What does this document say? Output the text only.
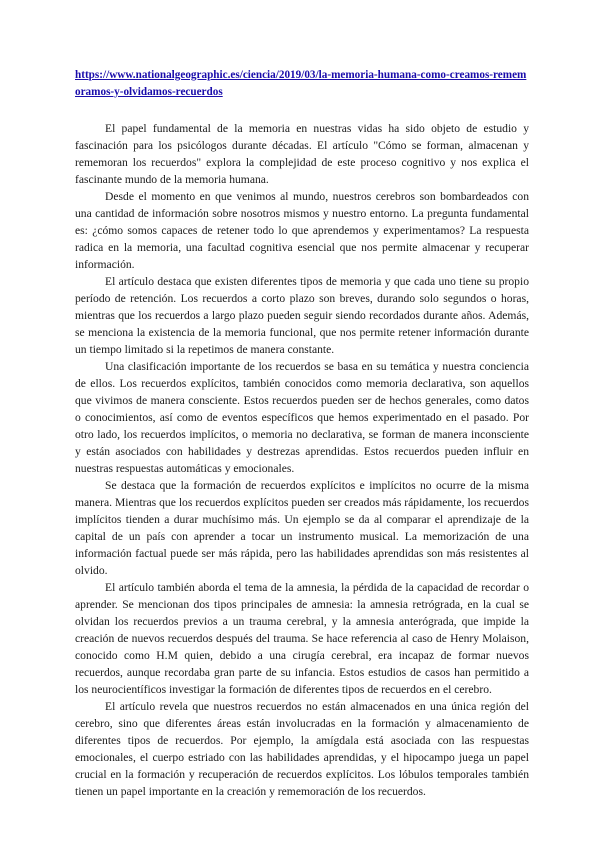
https://www.nationalgeographic.es/ciencia/2019/03/la-memoria-humana-como-creamos-rememoramos-y-olvidamos-recuerdos

El papel fundamental de la memoria en nuestras vidas ha sido objeto de estudio y fascinación para los psicólogos durante décadas. El artículo "Cómo se forman, almacenan y rememoran los recuerdos" explora la complejidad de este proceso cognitivo y nos explica el fascinante mundo de la memoria humana.

Desde el momento en que venimos al mundo, nuestros cerebros son bombardeados con una cantidad de información sobre nosotros mismos y nuestro entorno. La pregunta fundamental es: ¿cómo somos capaces de retener todo lo que aprendemos y experimentamos? La respuesta radica en la memoria, una facultad cognitiva esencial que nos permite almacenar y recuperar información.

El artículo destaca que existen diferentes tipos de memoria y que cada uno tiene su propio período de retención. Los recuerdos a corto plazo son breves, durando solo segundos o horas, mientras que los recuerdos a largo plazo pueden seguir siendo recordados durante años. Además, se menciona la existencia de la memoria funcional, que nos permite retener información durante un tiempo limitado si la repetimos de manera constante.

Una clasificación importante de los recuerdos se basa en su temática y nuestra conciencia de ellos. Los recuerdos explícitos, también conocidos como memoria declarativa, son aquellos que vivimos de manera consciente. Estos recuerdos pueden ser de hechos generales, como datos o conocimientos, así como de eventos específicos que hemos experimentado en el pasado. Por otro lado, los recuerdos implícitos, o memoria no declarativa, se forman de manera inconsciente y están asociados con habilidades y destrezas aprendidas. Estos recuerdos pueden influir en nuestras respuestas automáticas y emocionales.

Se destaca que la formación de recuerdos explícitos e implícitos no ocurre de la misma manera. Mientras que los recuerdos explícitos pueden ser creados más rápidamente, los recuerdos implícitos tienden a durar muchísimo más. Un ejemplo se da al comparar el aprendizaje de la capital de un país con aprender a tocar un instrumento musical. La memorización de una información factual puede ser más rápida, pero las habilidades aprendidas son más resistentes al olvido.

El artículo también aborda el tema de la amnesia, la pérdida de la capacidad de recordar o aprender. Se mencionan dos tipos principales de amnesia: la amnesia retrógrada, en la cual se olvidan los recuerdos previos a un trauma cerebral, y la amnesia anterógrada, que impide la creación de nuevos recuerdos después del trauma. Se hace referencia al caso de Henry Molaison, conocido como H.M quien, debido a una cirugía cerebral, era incapaz de formar nuevos recuerdos, aunque recordaba gran parte de su infancia. Estos estudios de casos han permitido a los neurocientíficos investigar la formación de diferentes tipos de recuerdos en el cerebro.

El artículo revela que nuestros recuerdos no están almacenados en una única región del cerebro, sino que diferentes áreas están involucradas en la formación y almacenamiento de diferentes tipos de recuerdos. Por ejemplo, la amígdala está asociada con las respuestas emocionales, el cuerpo estriado con las habilidades aprendidas, y el hipocampo juega un papel crucial en la formación y recuperación de recuerdos explícitos. Los lóbulos temporales también tienen un papel importante en la creación y rememoración de los recuerdos.
